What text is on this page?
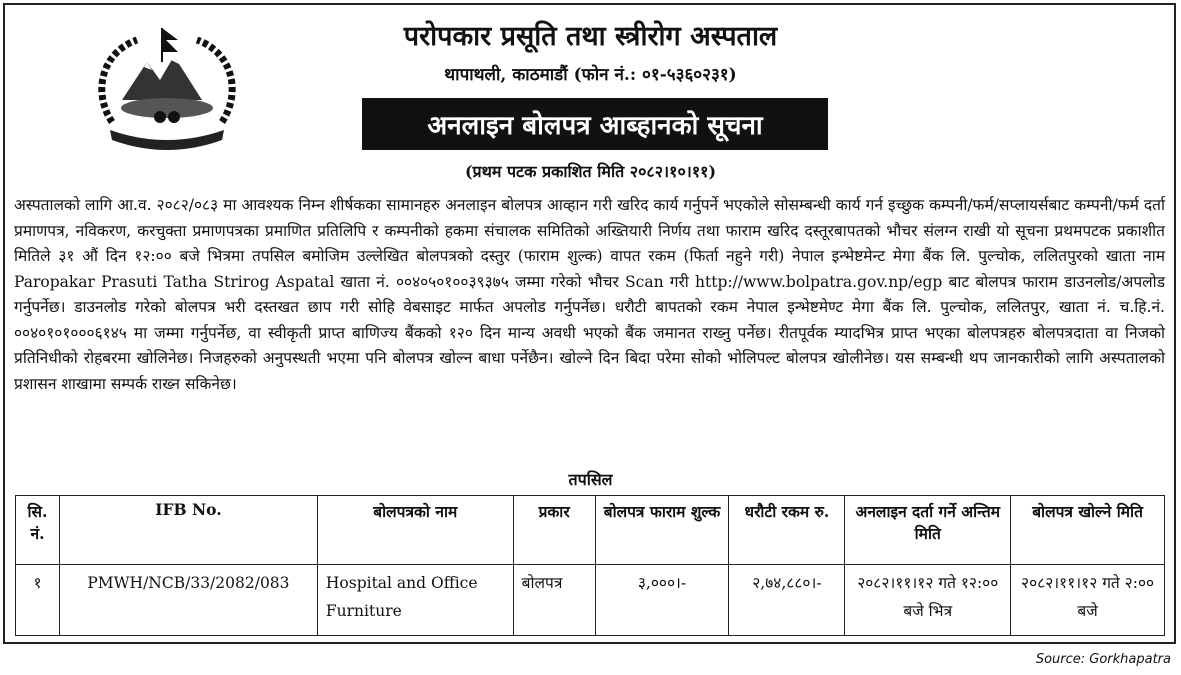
परोपकार प्रसूति तथा स्त्रीरोग अस्पताल
थापाथली, काठमाडौं (फोन नं.: ०१-५३६०२३१)
अनलाइन बोलपत्र आब्हानको सूचना
(प्रथम पटक प्रकाशित मिति २०८२।१०।११)
अस्पतालको लागि आ.व. २०८२/०८३ मा आवश्यक निम्न शीर्षकका सामानहरु अनलाइन बोलपत्र आव्हान गरी खरिद कार्य गर्नुपर्ने भएकोले सोसम्बन्धी कार्य गर्न इच्छुक कम्पनी/फर्म/सप्लायर्सबाट कम्पनी/फर्म दर्ता प्रमाणपत्र, नविकरण, करचुक्ता प्रमाणपत्रका प्रमाणित प्रतिलिपि र कम्पनीको हकमा संचालक समितिको अख्तियारी निर्णय तथा फाराम खरिद दस्तूरबापतको भौचर संलग्न राखी यो सूचना प्रथमपटक प्रकाशीत मितिले ३१ औं दिन १२:०० बजे भित्रमा तपसिल बमोजिम उल्लेखित बोलपत्रको दस्तुर (फाराम शुल्क) वापत रकम (फिर्ता नहुने गरी) नेपाल इन्भेष्टमेन्ट मेगा बैंक लि. पुल्चोक, ललितपुरको खाता नाम Paropakar Prasuti Tatha Strirog Aspatal खाता नं. ००४०५०१००३९३७५ जम्मा गरेको भौचर Scan गरी http://www.bolpatra.gov.np/egp बाट बोलपत्र फाराम डाउनलोड/अपलोड गर्नुपर्नेछ। डाउनलोड गरेको बोलपत्र भरी दस्तखत छाप गरी सोहि वेबसाइट मार्फत अपलोड गर्नुपर्नेछ। धरौटी बापतको रकम नेपाल इन्भेष्टमेण्ट मेगा बैंक लि. पुल्चोक, ललितपुर, खाता नं. च.हि.नं. ००४०१०१०००६१४५ मा जम्मा गर्नुपर्नेछ, वा स्वीकृती प्राप्त बाणिज्य बैंकको १२० दिन मान्य अवधी भएको बैंक जमानत राख्नु पर्नेछ। रीतपूर्वक म्यादभित्र प्राप्त भएका बोलपत्रहरु बोलपत्रदाता वा निजको प्रतिनिधीको रोहबरमा खोलिनेछ। निजहरुको अनुपस्थती भएमा पनि बोलपत्र खोल्न बाधा पर्नेछैन। खोल्ने दिन बिदा परेमा सोको भोलिपल्ट बोलपत्र खोलीनेछ। यस सम्बन्धी थप जानकारीको लागि अस्पतालको प्रशासन शाखामा सम्पर्क राख्न सकिनेछ।
तपसिल
सि. नं.	IFB No.	बोलपत्रको नाम	प्रकार	बोलपत्र फाराम शुल्क	धरौटी रकम रु.	अनलाइन दर्ता गर्ने अन्तिम मिति	बोलपत्र खोल्ने मिति
१	PMWH/NCB/33/2082/083	Hospital and Office Furniture	बोलपत्र	३,०००।-	२,७४,८८०।-	२०८२।११।१२ गते १२:०० बजे भित्र	२०८२।११।१२ गते २:०० बजे
Source: Gorkhapatra
